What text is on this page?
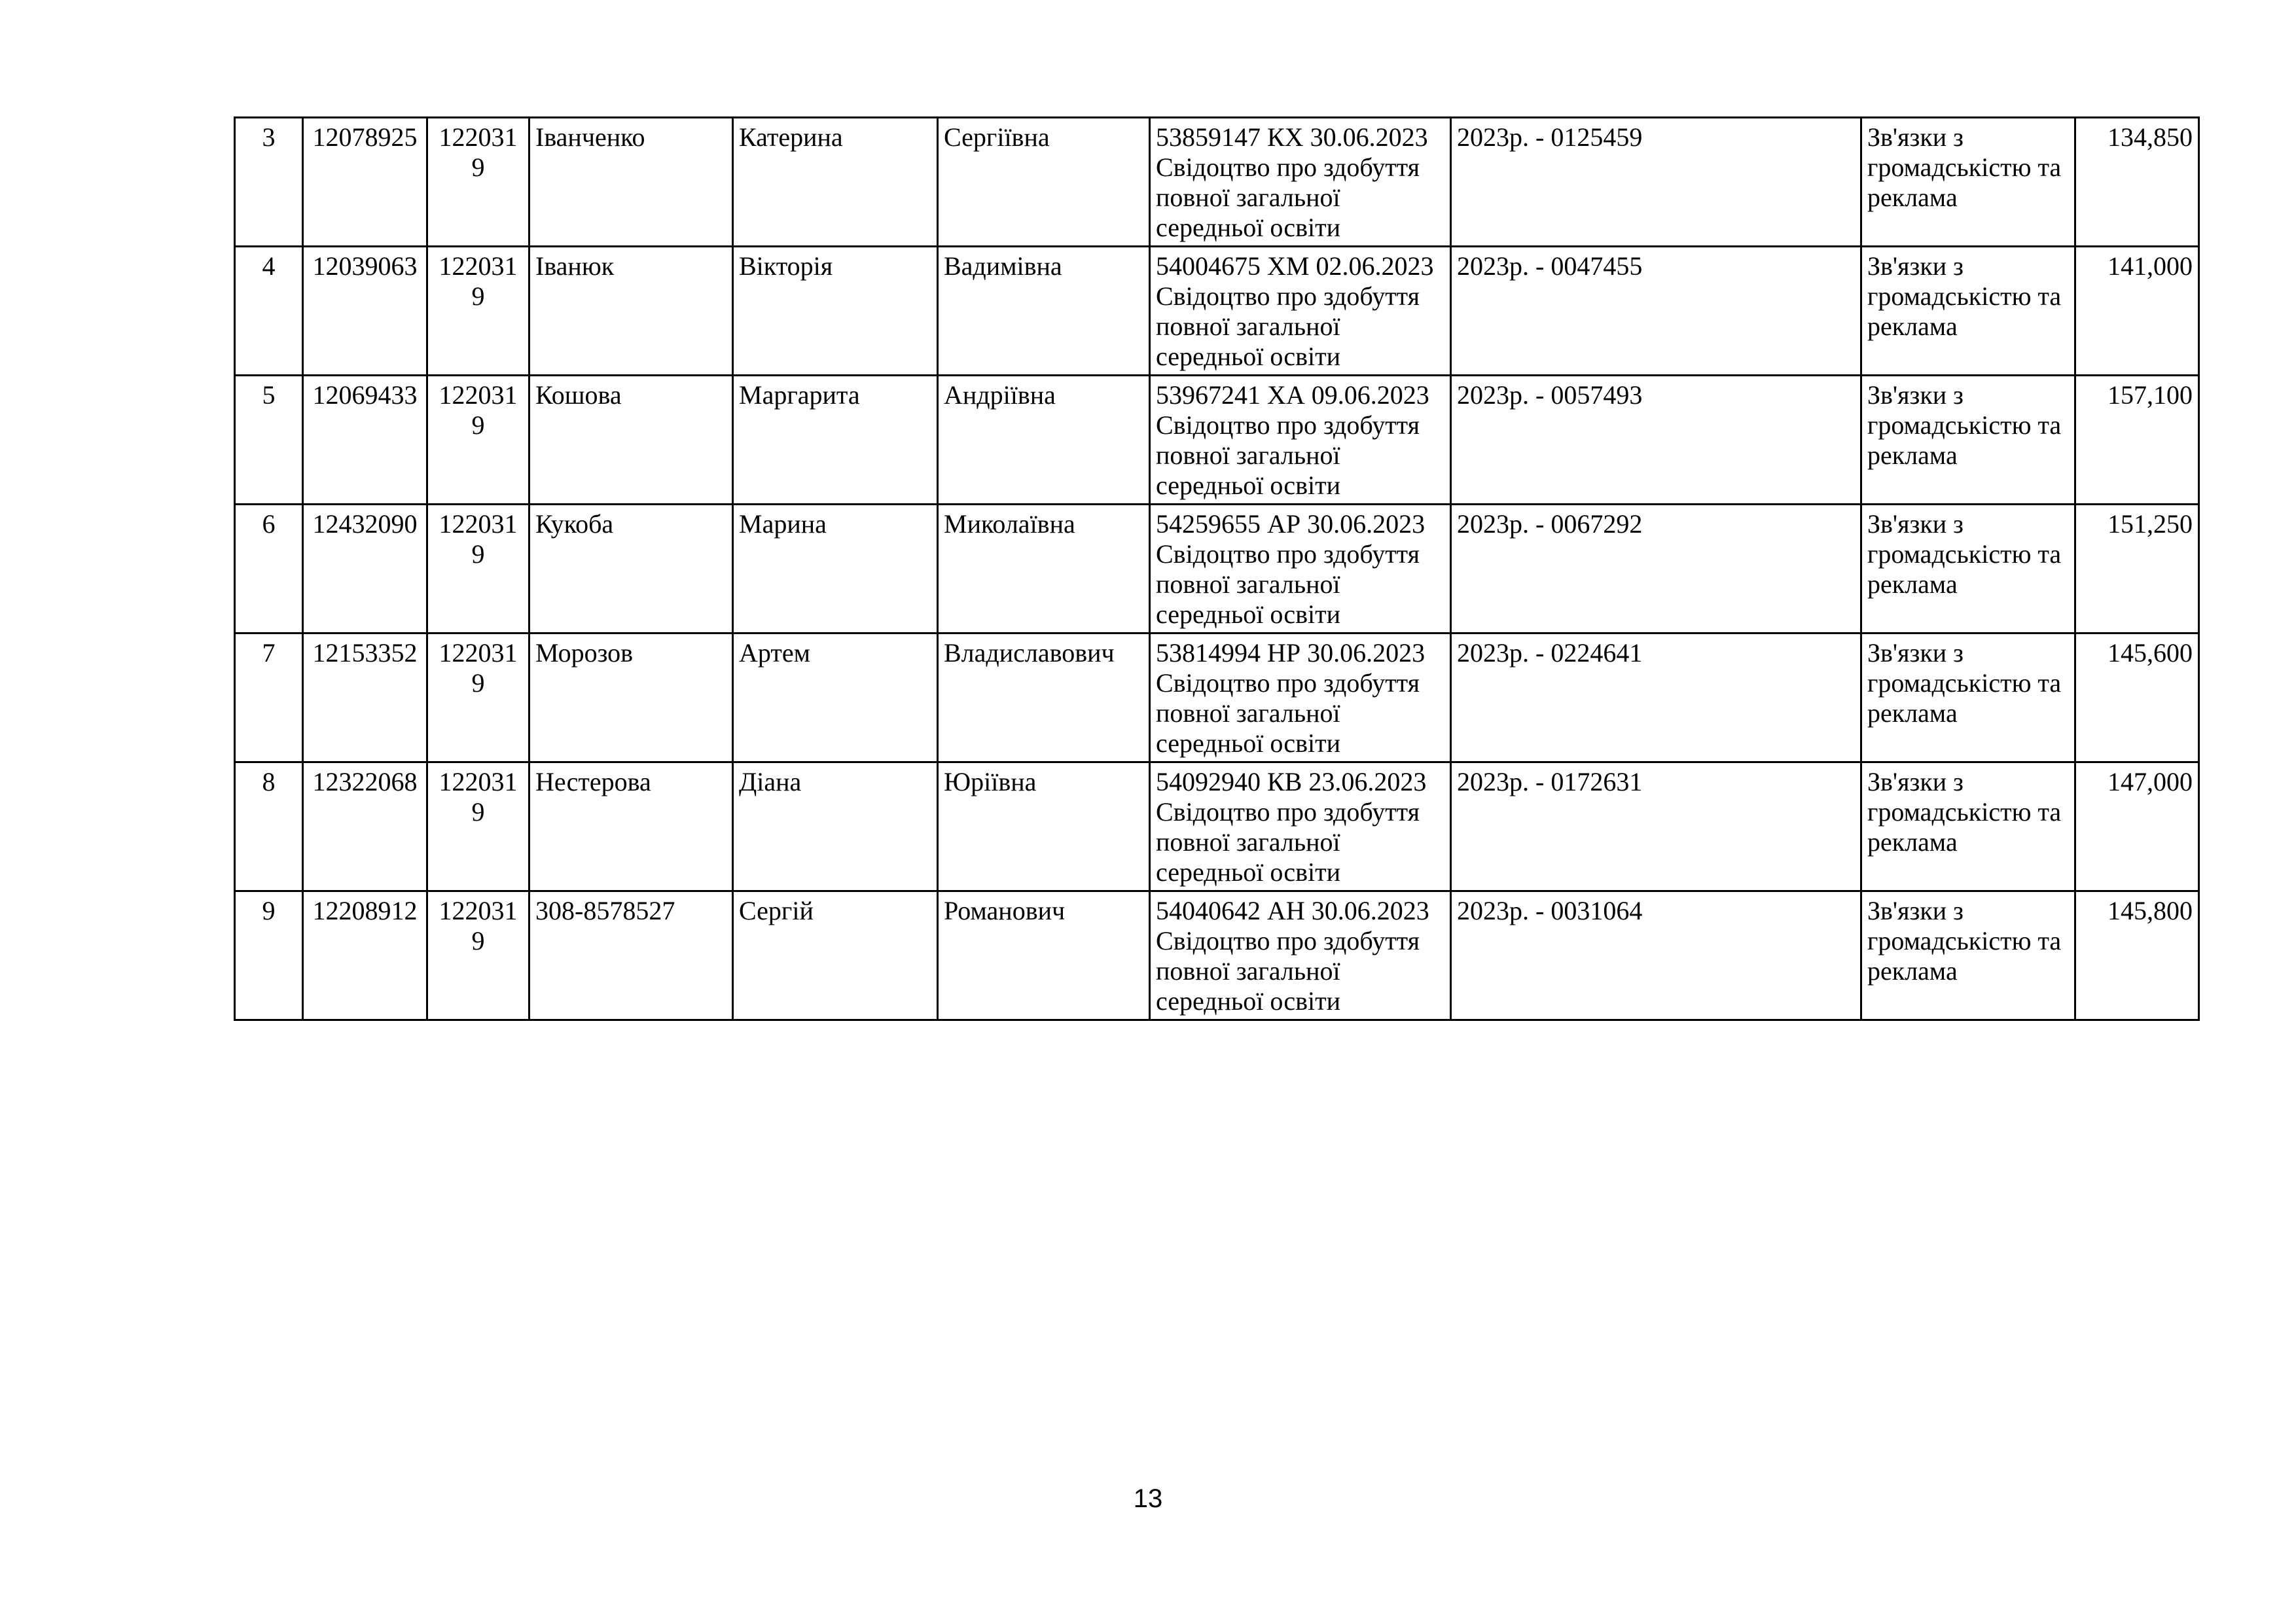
3	12078925	1220319	Іванченко	Катерина	Сергіївна	53859147 КХ 30.06.2023 Свідоцтво про здобуття повної загальної середньої освіти	2023р. - 0125459	Зв'язки з громадськістю та реклама	134,850
4	12039063	1220319	Іванюк	Вікторія	Вадимівна	54004675 ХМ 02.06.2023 Свідоцтво про здобуття повної загальної середньої освіти	2023р. - 0047455	Зв'язки з громадськістю та реклама	141,000
5	12069433	1220319	Кошова	Маргарита	Андріївна	53967241 ХА 09.06.2023 Свідоцтво про здобуття повної загальної середньої освіти	2023р. - 0057493	Зв'язки з громадськістю та реклама	157,100
6	12432090	1220319	Кукоба	Марина	Миколаївна	54259655 АР 30.06.2023 Свідоцтво про здобуття повної загальної середньої освіти	2023р. - 0067292	Зв'язки з громадськістю та реклама	151,250
7	12153352	1220319	Морозов	Артем	Владиславович	53814994 НР 30.06.2023 Свідоцтво про здобуття повної загальної середньої освіти	2023р. - 0224641	Зв'язки з громадськістю та реклама	145,600
8	12322068	1220319	Нестерова	Діана	Юріївна	54092940 КВ 23.06.2023 Свідоцтво про здобуття повної загальної середньої освіти	2023р. - 0172631	Зв'язки з громадськістю та реклама	147,000
9	12208912	1220319	308-8578527	Сергій	Романович	54040642 АН 30.06.2023 Свідоцтво про здобуття повної загальної середньої освіти	2023р. - 0031064	Зв'язки з громадськістю та реклама	145,800
13
